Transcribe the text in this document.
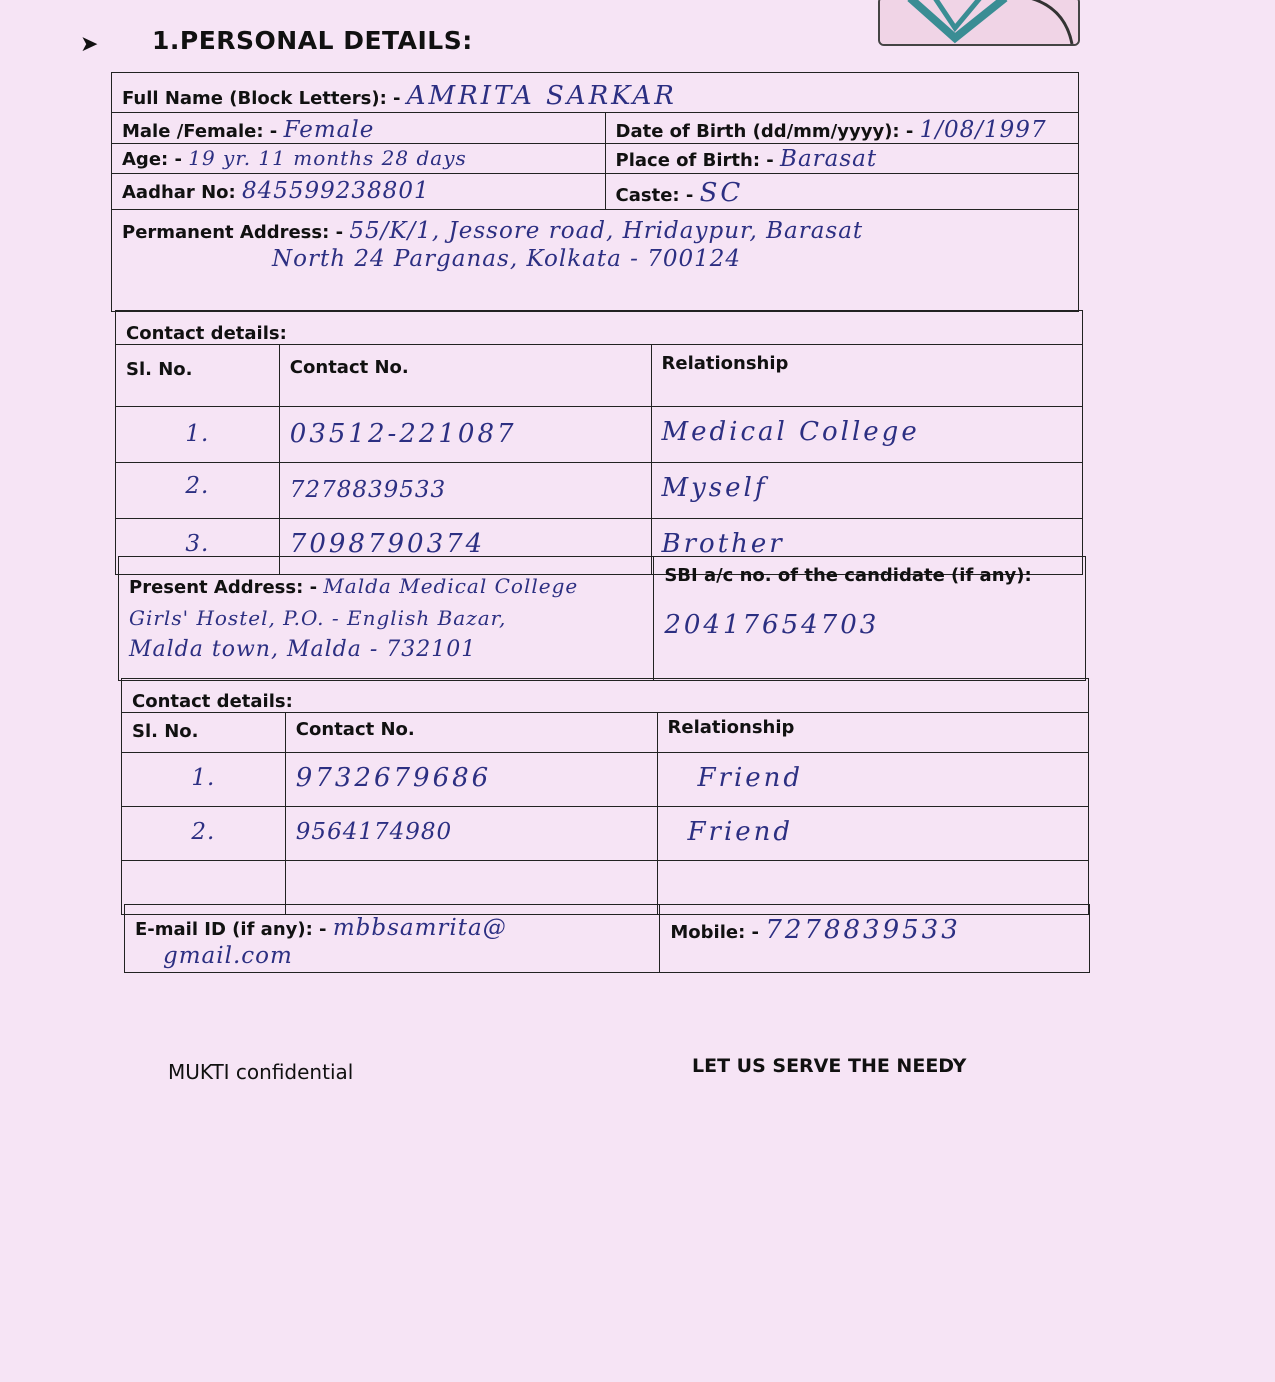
➤ 1.PERSONAL DETAILS:
Full Name (Block Letters): - AMRITA SARKAR	
Male /Female: - Female	Date of Birth (dd/mm/yyyy): - 1/08/1997
Age: - 19 yr. 11 months 28 days	Place of Birth: - Barasat
Aadhar No: 845599238801	Caste: - SC

Permanent Address: - 55/K/1, Jessore road, Hridaypur, Barasat
North 24 Parganas, Kolkata - 700124	
Contact details:		
Sl. No.	Contact No.	Relationship
1.	03512-221087	Medical College
2.	7278839533	Myself
3.	7098790374	Brother
Present Address: - Malda Medical College
Girls' Hostel, P.O. - English Bazar,
Malda town, Malda - 732101	
SBI a/c no. of the candidate (if any):
20417654703
Contact details:		
Sl. No.	Contact No.	Relationship
1.	9732679686	Friend
2.	9564174980	Friend

E-mail ID (if any): - mbbsamrita@
gmail.com	Mobile: - 7278839533
MUKTI confidential	LET US SERVE THE NEEDY
